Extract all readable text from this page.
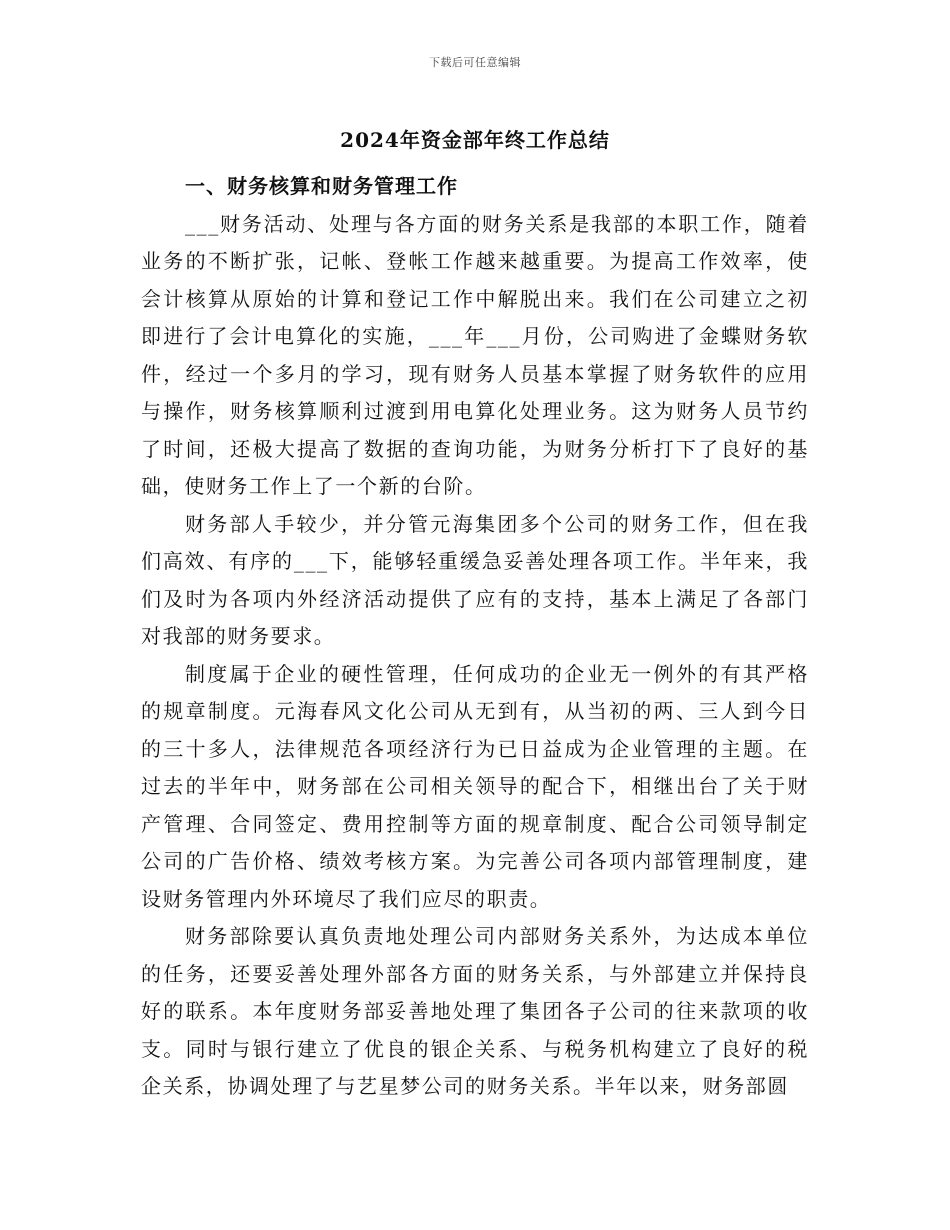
下载后可任意编辑
2024年资金部年终工作总结

一、财务核算和财务管理工作

___财务活动、处理与各方面的财务关系是我部的本职工作，随着业务的不断扩张，记帐、登帐工作越来越重要。为提高工作效率，使会计核算从原始的计算和登记工作中解脱出来。我们在公司建立之初即进行了会计电算化的实施，___年___月份，公司购进了金蝶财务软件，经过一个多月的学习，现有财务人员基本掌握了财务软件的应用与操作，财务核算顺利过渡到用电算化处理业务。这为财务人员节约了时间，还极大提高了数据的查询功能，为财务分析打下了良好的基础，使财务工作上了一个新的台阶。

财务部人手较少，并分管元海集团多个公司的财务工作，但在我们高效、有序的___下，能够轻重缓急妥善处理各项工作。半年来，我们及时为各项内外经济活动提供了应有的支持，基本上满足了各部门对我部的财务要求。

制度属于企业的硬性管理，任何成功的企业无一例外的有其严格的规章制度。元海春风文化公司从无到有，从当初的两、三人到今日的三十多人，法律规范各项经济行为已日益成为企业管理的主题。在过去的半年中，财务部在公司相关领导的配合下，相继出台了关于财产管理、合同签定、费用控制等方面的规章制度、配合公司领导制定公司的广告价格、绩效考核方案。为完善公司各项内部管理制度，建设财务管理内外环境尽了我们应尽的职责。

财务部除要认真负责地处理公司内部财务关系外，为达成本单位的任务，还要妥善处理外部各方面的财务关系，与外部建立并保持良好的联系。本年度财务部妥善地处理了集团各子公司的往来款项的收支。同时与银行建立了优良的银企关系、与税务机构建立了良好的税企关系，协调处理了与艺星梦公司的财务关系。半年以来，财务部圆
